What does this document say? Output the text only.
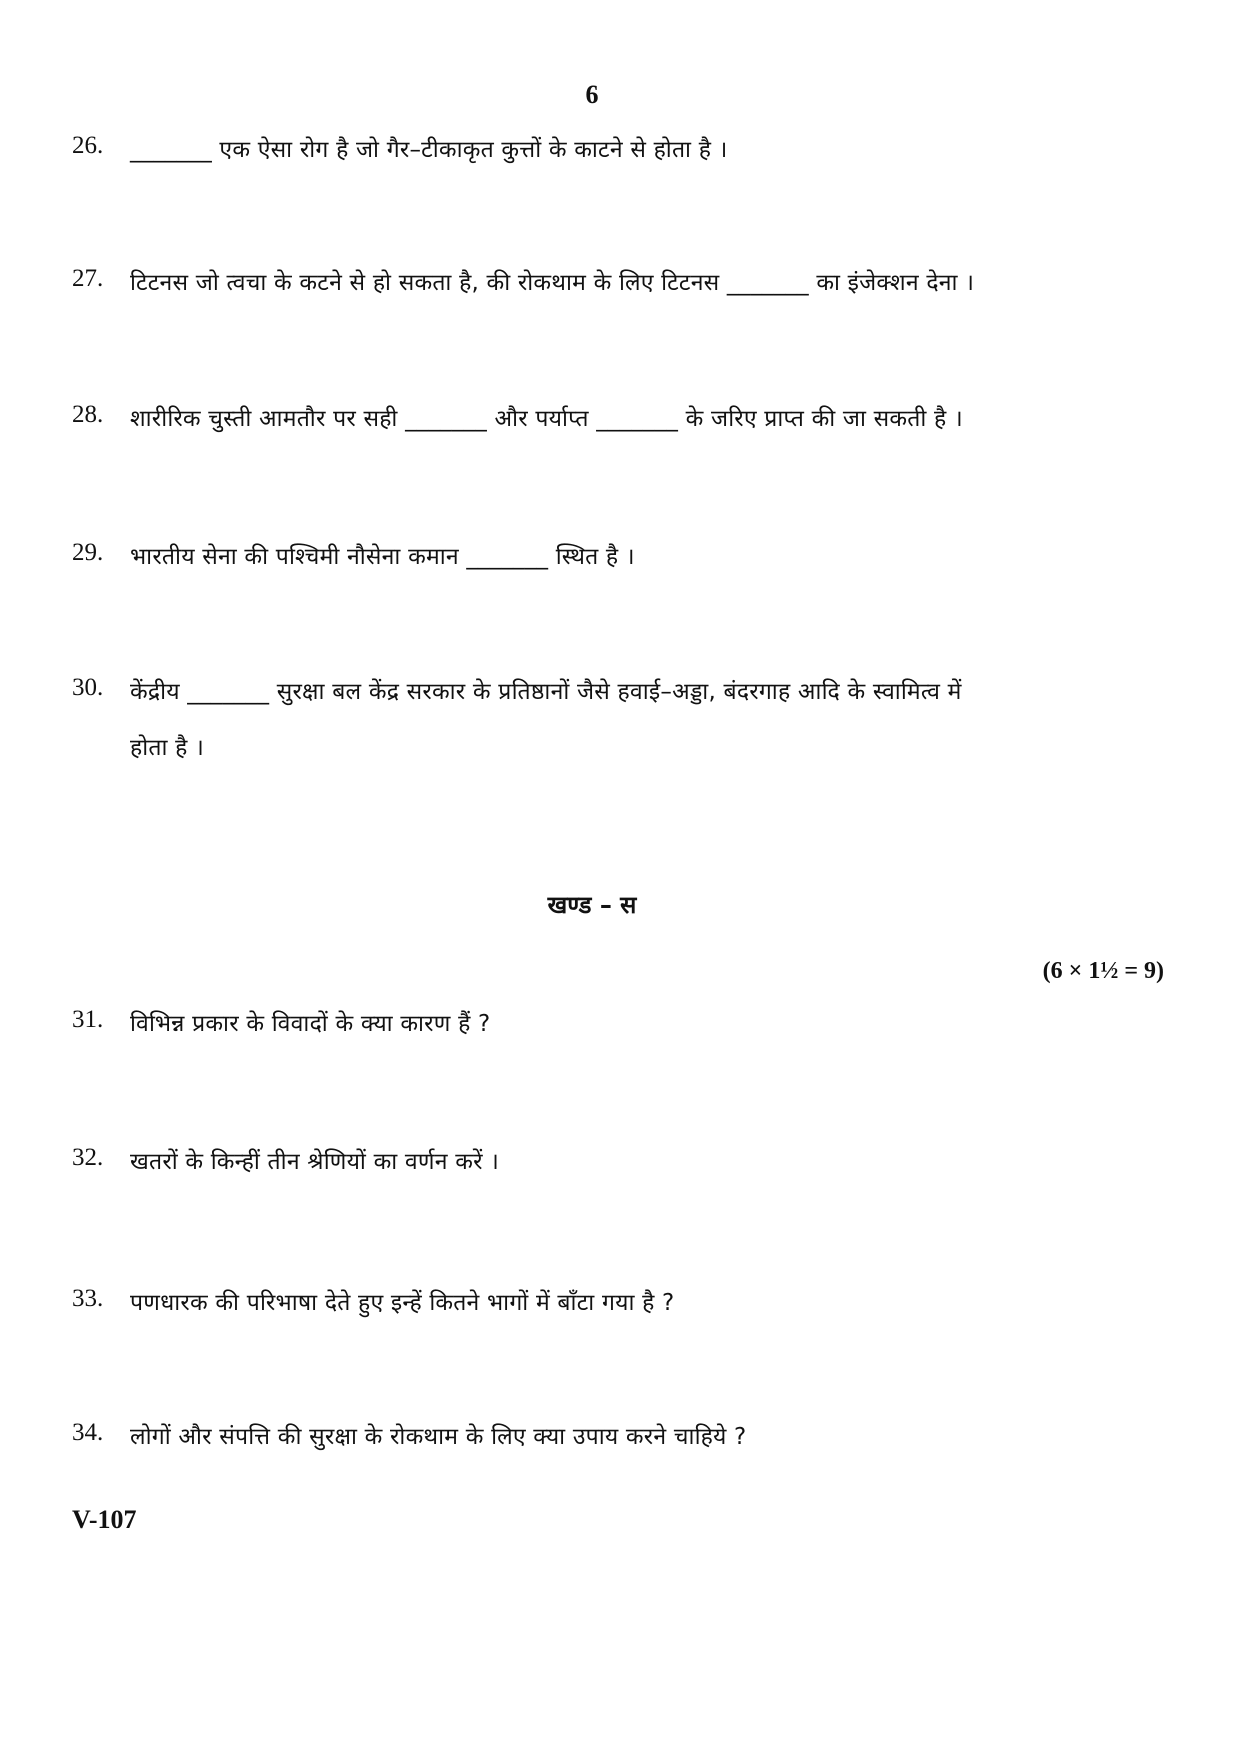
6
26. _______ एक ऐसा रोग है जो गैर–टीकाकृत कुत्तों के काटने से होता है ।
27. टिटनस जो त्वचा के कटने से हो सकता है, की रोकथाम के लिए टिटनस _______ का इंजेक्शन देना ।
28. शारीरिक चुस्ती आमतौर पर सही _______ और पर्याप्त _______ के जरिए प्राप्त की जा सकती है ।
29. भारतीय सेना की पश्चिमी नौसेना कमान _______ स्थित है ।
30. केंद्रीय _______ सुरक्षा बल केंद्र सरकार के प्रतिष्ठानों जैसे हवाई–अड्डा, बंदरगाह आदि के स्वामित्व में
होता है ।
खण्ड – स
(6 × 1½ = 9)
31. विभिन्न प्रकार के विवादों के क्या कारण हैं ?
32. खतरों के किन्हीं तीन श्रेणियों का वर्णन करें ।
33. पणधारक की परिभाषा देते हुए इन्हें कितने भागों में बाँटा गया है ?
34. लोगों और संपत्ति की सुरक्षा के रोकथाम के लिए क्या उपाय करने चाहिये ?
V-107
